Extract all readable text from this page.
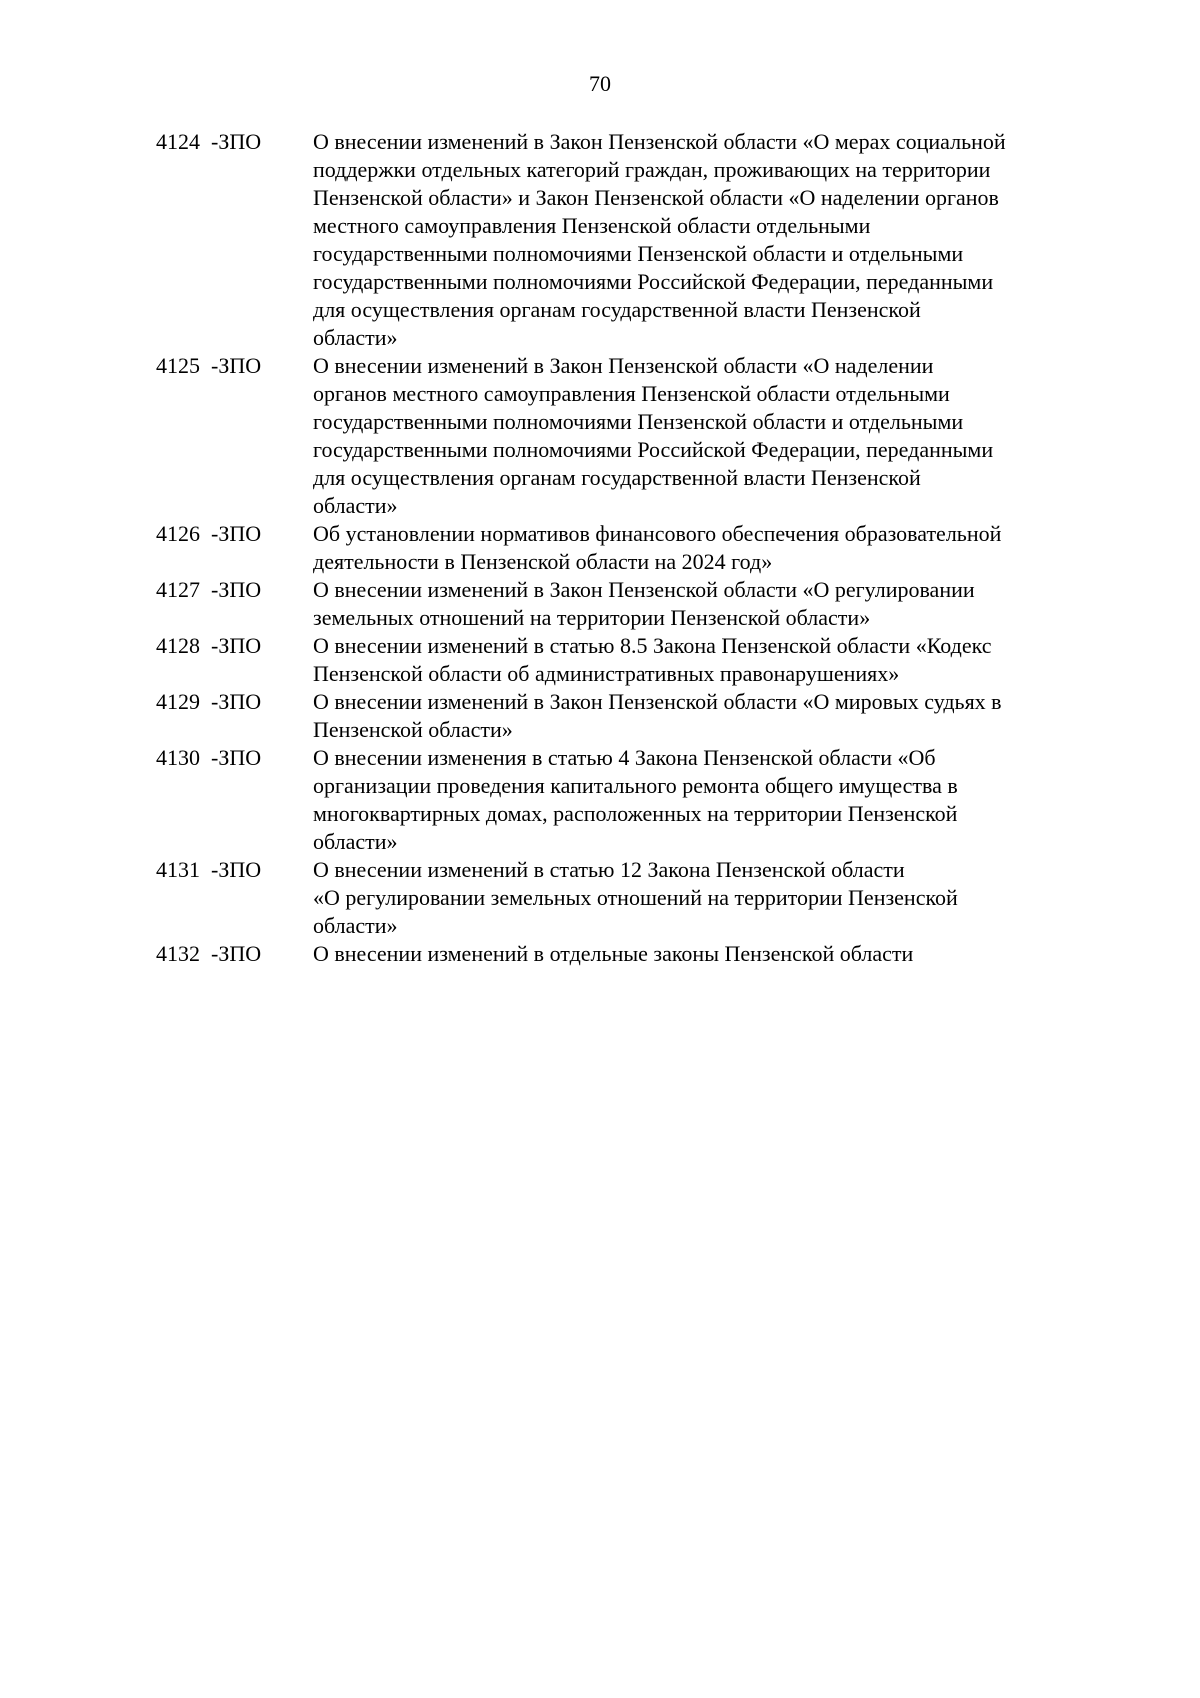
70
4124  -ЗПО	О внесении изменений в Закон Пензенской области «О мерах социальной
поддержки отдельных категорий граждан, проживающих на территории
Пензенской области» и Закон Пензенской области «О наделении органов
местного самоуправления Пензенской области отдельными
государственными полномочиями Пензенской области и отдельными
государственными полномочиями Российской Федерации, переданными
для осуществления органам государственной власти Пензенской
области»
4125  -ЗПО	О внесении изменений в Закон Пензенской области «О наделении
органов местного самоуправления Пензенской области отдельными
государственными полномочиями Пензенской области и отдельными
государственными полномочиями Российской Федерации, переданными
для осуществления органам государственной власти Пензенской
области»
4126  -ЗПО	Об установлении нормативов финансового обеспечения образовательной
деятельности в Пензенской области на 2024 год»
4127  -ЗПО	О внесении изменений в Закон Пензенской области «О регулировании
земельных отношений на территории Пензенской области»
4128  -ЗПО	О внесении изменений в статью 8.5 Закона Пензенской области «Кодекс
Пензенской области об административных правонарушениях»
4129  -ЗПО	О внесении изменений в Закон Пензенской области «О мировых судьях в
Пензенской области»
4130  -ЗПО	О внесении изменения в статью 4 Закона Пензенской области «Об
организации проведения капитального ремонта общего имущества в
многоквартирных домах, расположенных на территории Пензенской
области»
4131  -ЗПО	О внесении изменений в статью 12 Закона Пензенской области
«О регулировании земельных отношений на территории Пензенской
области»
4132  -ЗПО	О внесении изменений в отдельные законы Пензенской области
